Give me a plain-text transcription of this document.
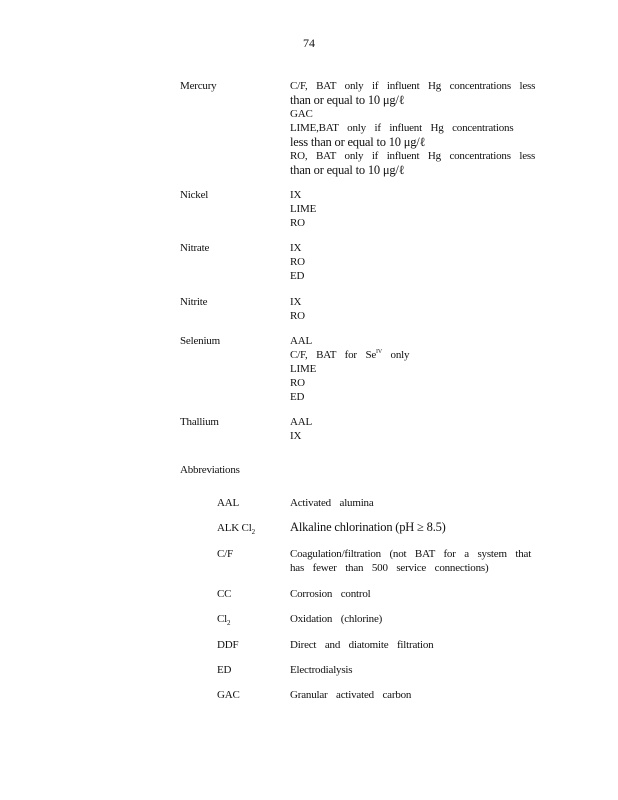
74
Mercury	C/F, BAT only if influent Hg concentrations less
than or equal to 10 μg/ℓ
GAC
LIME,BAT only if influent Hg concentrations
less than or equal to 10 μg/ℓ
RO, BAT only if influent Hg concentrations less
than or equal to 10 μg/ℓ
Nickel	IX
LIME
RO
Nitrate	IX
RO
ED
Nitrite	IX
RO
Selenium	AAL
C/F, BAT for $Se^{IV}$ only
LIME
RO
ED
Thallium	AAL
IX
Abbreviations
AAL	Activated alumina
ALK $Cl_2$	Alkaline chlorination (pH ≥ 8.5)
C/F	Coagulation/filtration (not BAT for a system that
has fewer than 500 service connections)
CC	Corrosion control
$Cl_2$	Oxidation (chlorine)
DDF	Direct and diatomite filtration
ED	Electrodialysis
GAC	Granular activated carbon
